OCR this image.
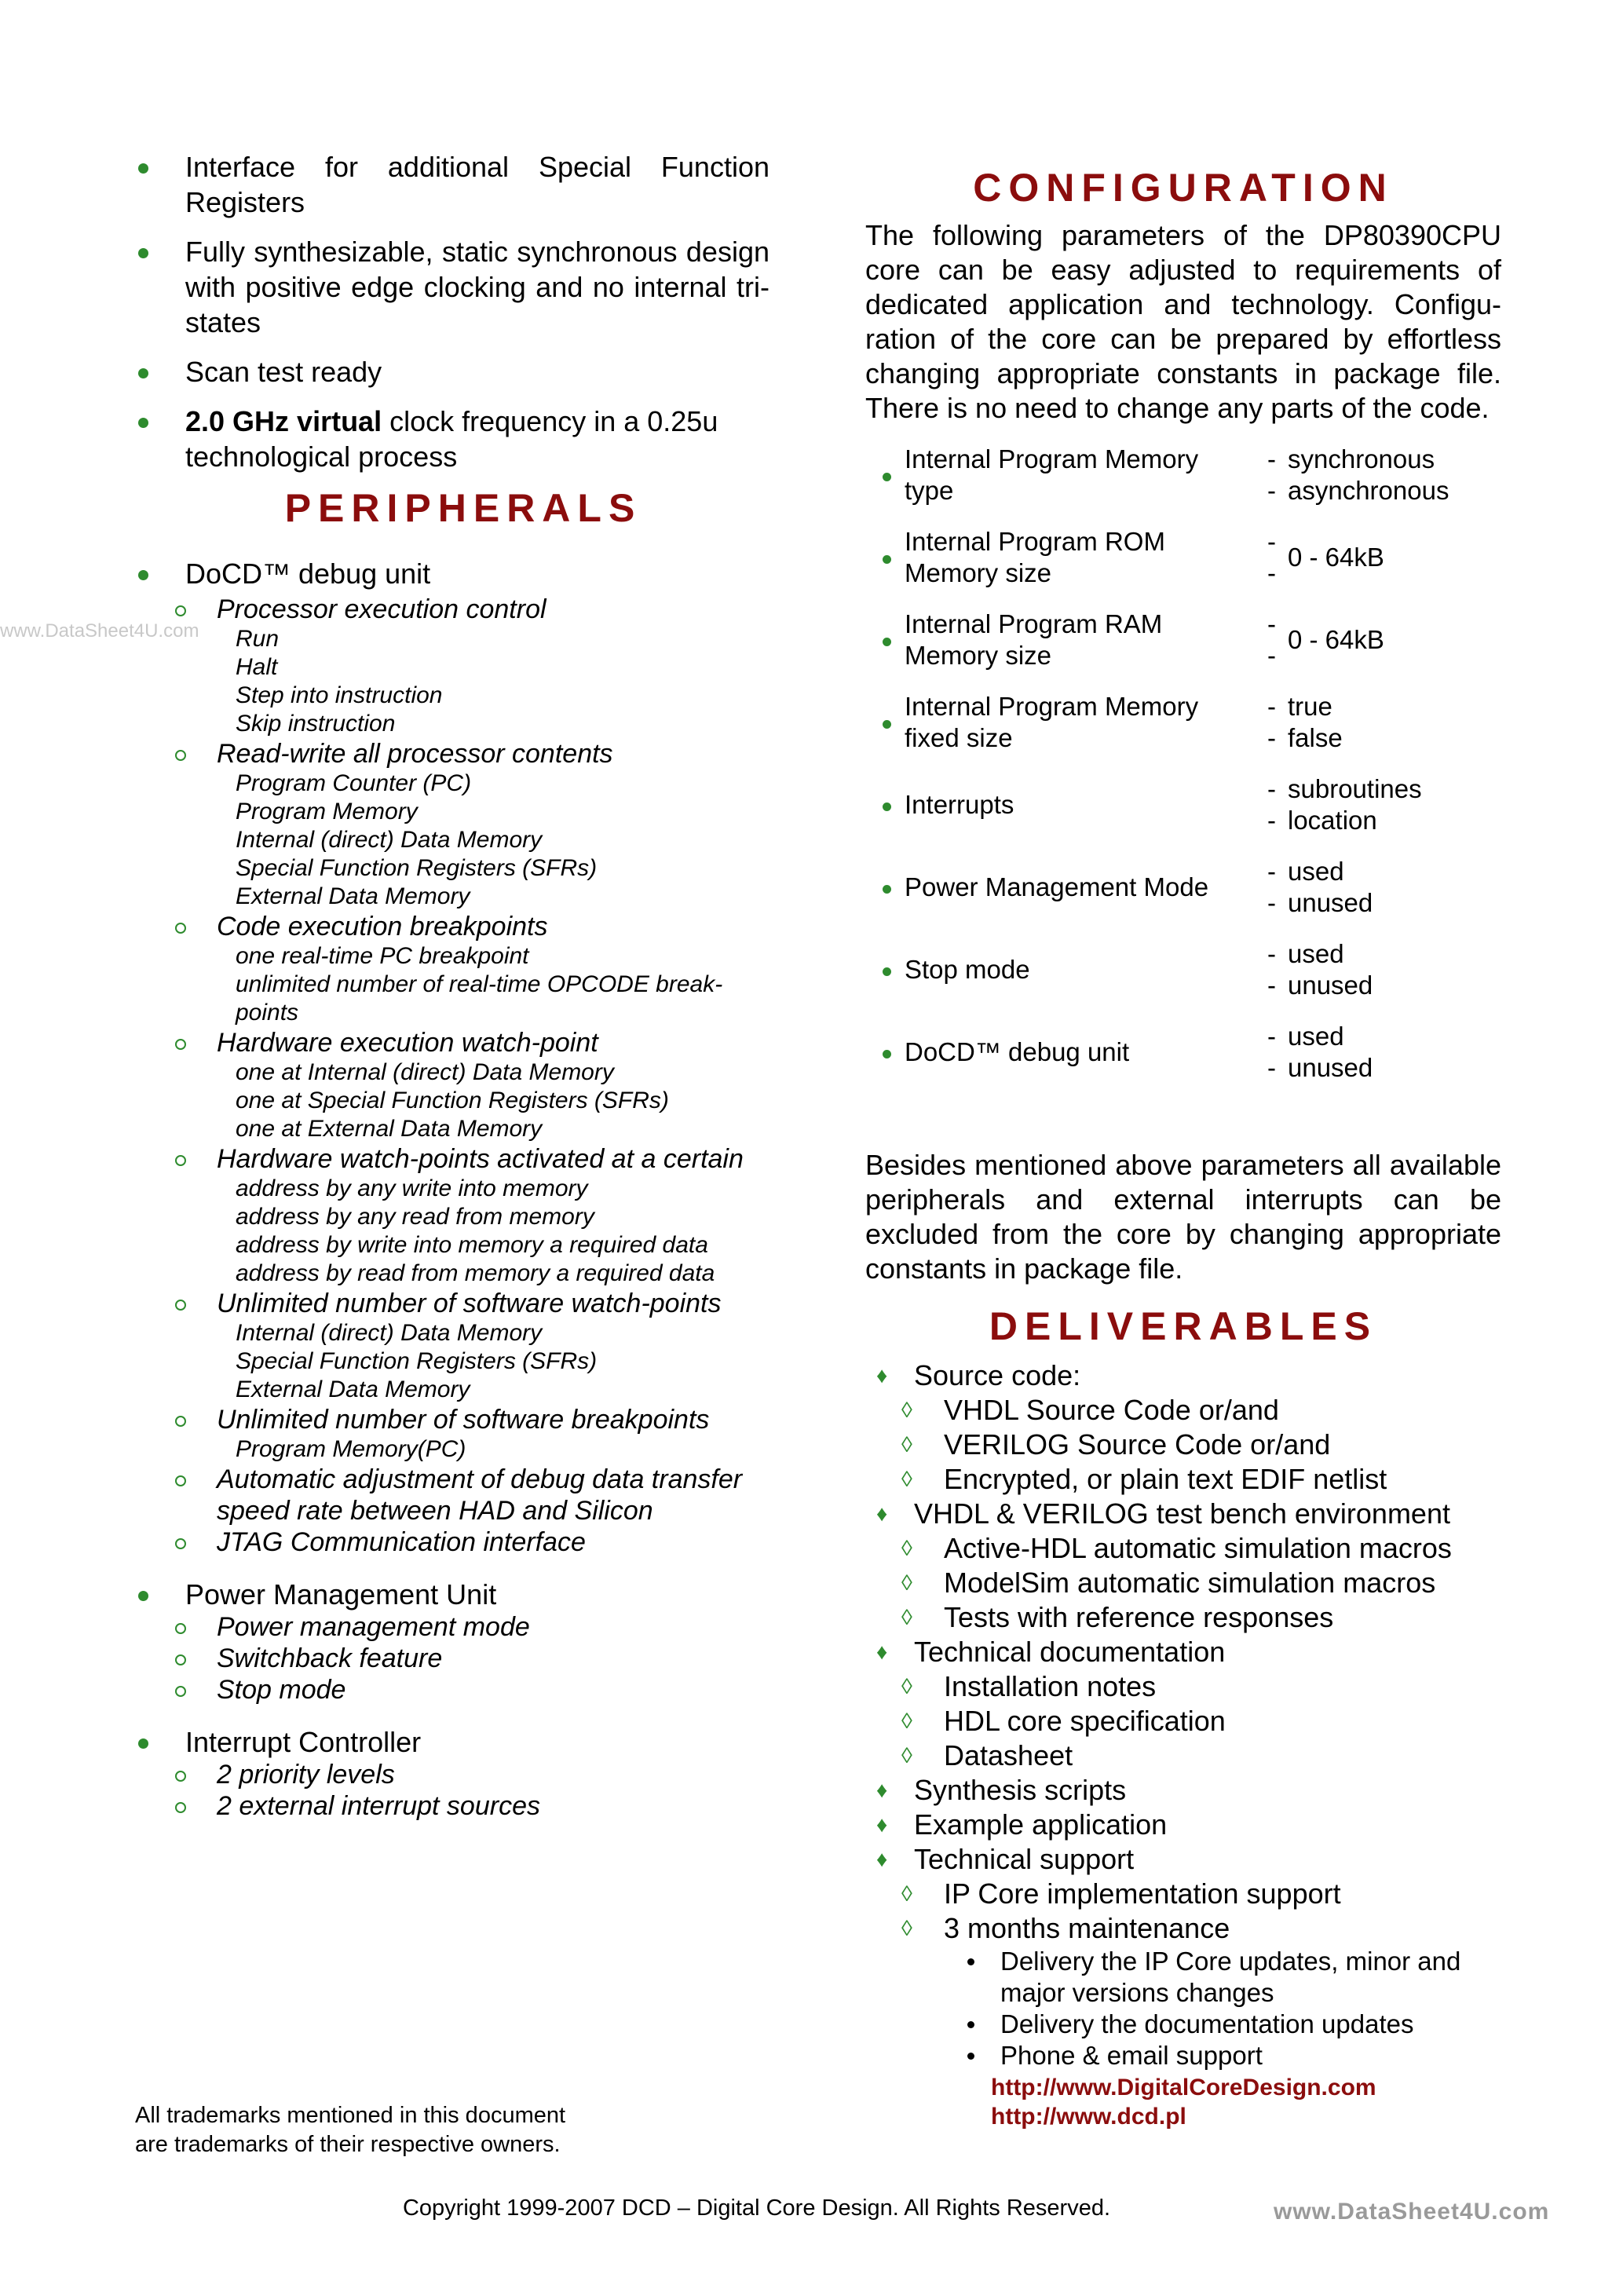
www.DataSheet4U.com
Interface for additional Special Function Registers
Fully synthesizable, static synchronous design with positive edge clocking and no internal tri-states
Scan test ready
2.0 GHz virtual clock frequency in a 0.25u technological process
PERIPHERALS
DoCD™ debug unit
Processor execution control
Run
Halt
Step into instruction
Skip instruction
Read-write all processor contents
Program Counter (PC)
Program Memory
Internal (direct) Data Memory
Special Function Registers (SFRs)
External Data Memory
Code execution breakpoints
one real-time PC breakpoint
unlimited number of real-time OPCODE break-points
Hardware execution watch-point
one at Internal (direct) Data Memory
one at Special Function Registers (SFRs)
one at External Data Memory
Hardware watch-points activated at a certain
address by any write into memory
address by any read from memory
address by write into memory a required data
address by read from memory a required data
Unlimited number of software watch-points
Internal (direct) Data Memory
Special Function Registers (SFRs)
External Data Memory
Unlimited number of software breakpoints
Program Memory(PC)
Automatic adjustment of debug data transfer speed rate between HAD and Silicon
JTAG Communication interface
Power Management Unit
Power management mode
Switchback feature
Stop mode
Interrupt Controller
2 priority levels
2 external interrupt sources
All trademarks mentioned in this document
are trademarks of their respective owners.
CONFIGURATION
The following parameters of the DP80390CPU core can be easy adjusted to requirements of dedicated application and technology. Configu-ration of the core can be prepared by effortless changing appropriate constants in package file. There is no need to change any parts of the code.
Internal Program Memory
type
-
-
synchronous
asynchronous
Internal Program ROM
Memory size
-
-
0 - 64kB
Internal Program RAM
Memory size
-
-
0 - 64kB
Internal Program Memory
fixed size
-
-
true
false
Interrupts
-
-
subroutines
location
Power Management Mode
-
-
used
unused
Stop mode
-
-
used
unused
DoCD™ debug unit
-
-
used
unused
Besides mentioned above parameters all available peripherals and external interrupts can be excluded from the core by changing appropriate constants in package file.
DELIVERABLES
♦ Source code:
◊ VHDL Source Code or/and
◊ VERILOG Source Code or/and
◊ Encrypted, or plain text EDIF netlist
♦ VHDL & VERILOG test bench environment
◊ Active-HDL automatic simulation macros
◊ ModelSim automatic simulation macros
◊ Tests with reference responses
♦ Technical documentation
◊ Installation notes
◊ HDL core specification
◊ Datasheet
♦ Synthesis scripts
♦ Example application
♦ Technical support
◊ IP Core implementation support
◊ 3 months maintenance
Delivery the IP Core updates, minor and major versions changes
Delivery the documentation updates
Phone & email support
http://www.DigitalCoreDesign.com
http://www.dcd.pl
Copyright 1999-2007 DCD – Digital Core Design. All Rights Reserved.	www.DataSheet4U.com
